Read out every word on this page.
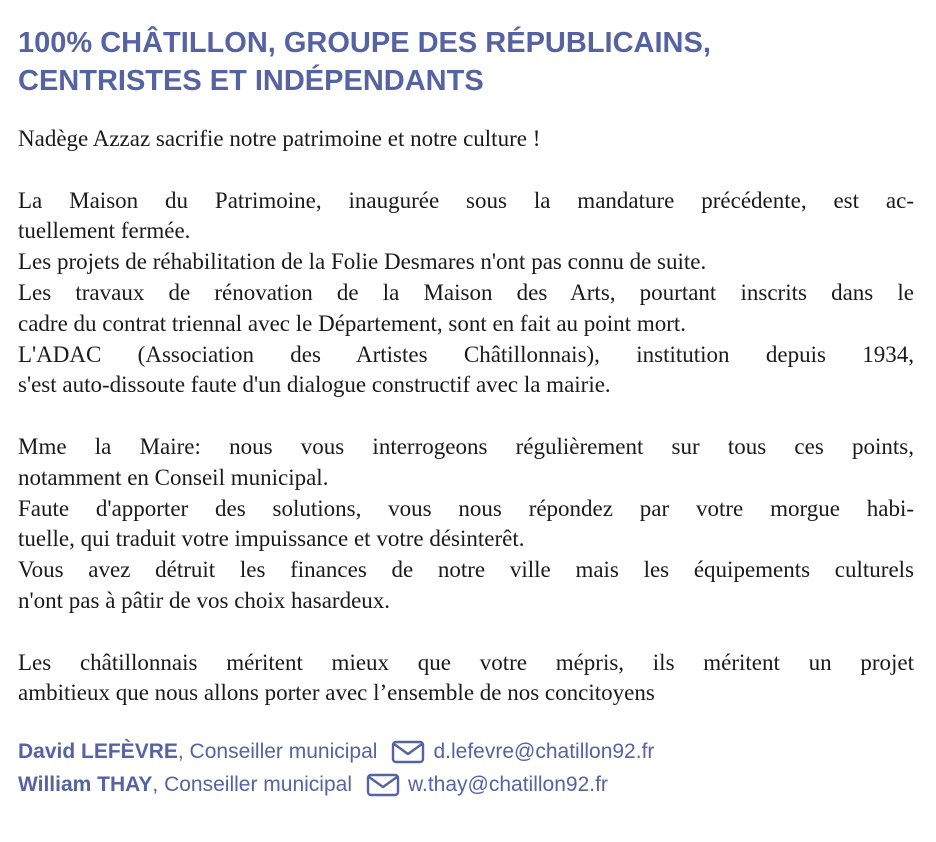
100% CHÂTILLON, GROUPE DES RÉPUBLICAINS,
CENTRISTES ET INDÉPENDANTS

Nadège Azzaz sacrifie notre patrimoine et notre culture !

La Maison du Patrimoine, inaugurée sous la mandature précédente, est ac-
tuellement fermée.
Les projets de réhabilitation de la Folie Desmares n'ont pas connu de suite.
Les travaux de rénovation de la Maison des Arts, pourtant inscrits dans le
cadre du contrat triennal avec le Département, sont en fait au point mort.
L'ADAC (Association des Artistes Châtillonnais), institution depuis 1934,
s'est auto-dissoute faute d'un dialogue constructif avec la mairie.

Mme la Maire: nous vous interrogeons régulièrement sur tous ces points,
notamment en Conseil municipal.
Faute d'apporter des solutions, vous nous répondez par votre morgue habi-
tuelle, qui traduit votre impuissance et votre désinterêt.
Vous avez détruit les finances de notre ville mais les équipements culturels
n'ont pas à pâtir de vos choix hasardeux.

Les châtillonnais méritent mieux que votre mépris, ils méritent un projet
ambitieux que nous allons porter avec l’ensemble de nos concitoyens

David LEFÈVRE , Conseiller municipal	d.lefevre@chatillon92.fr
William THAY , Conseiller municipal	w.thay@chatillon92.fr
